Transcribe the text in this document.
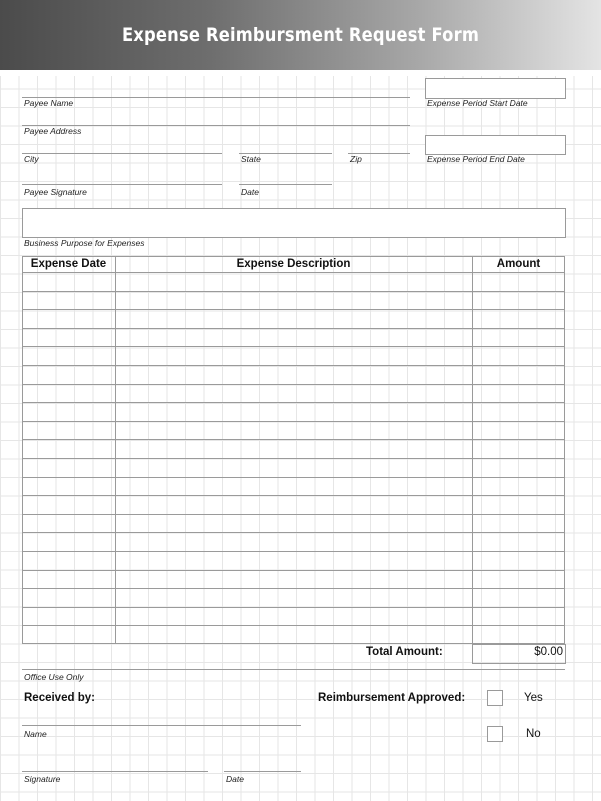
Expense Reimbursment Request Form
Payee Name	Expense Period Start Date
Payee Address
City	State	Zip	Expense Period End Date
Payee Signature	Date
Business Purpose for Expenses
Expense Date	Expense Description	Amount
Total Amount:	$0.00
Office Use Only
Received by:	Reimbursement Approved:	Yes
No
Name
Signature	Date
